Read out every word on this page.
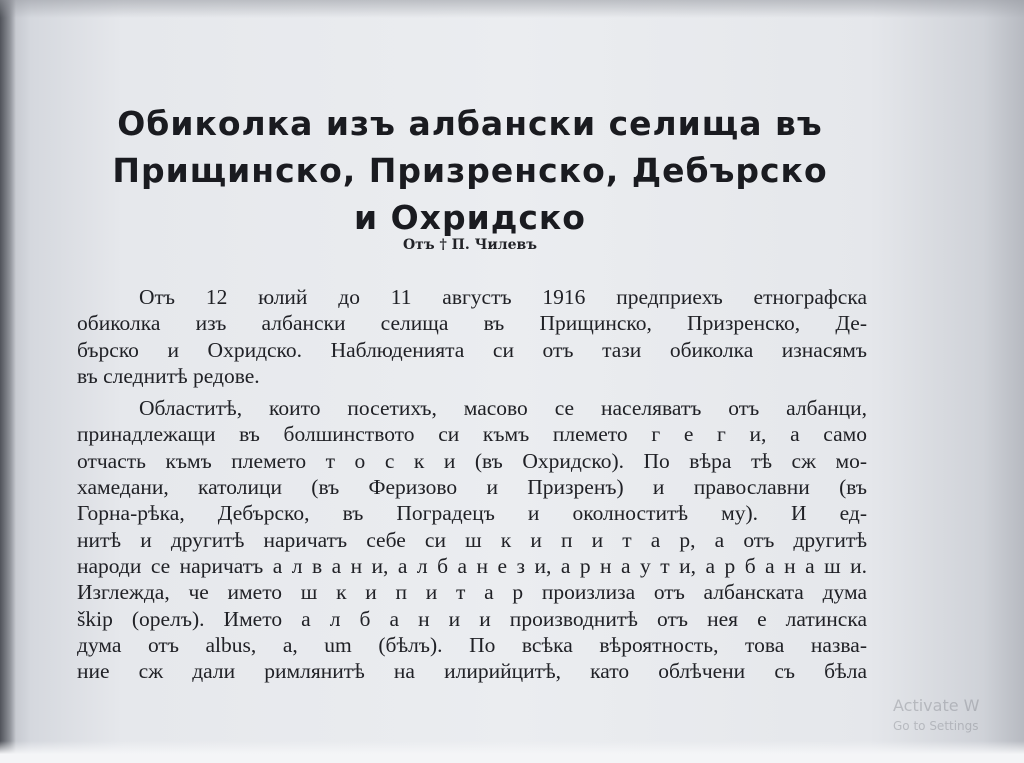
Обиколка изъ албански селища въ
Прищинско, Призренско, Дебърско
и Охридско
Отъ † П. Чилевъ
Отъ 12 юлий до 11 августъ 1916 предприехъ етнографска
обиколка изъ албански селища въ Прищинско, Призренско, Де-
бърско и Охридско. Наблюденията си отъ тази обиколка изнасямъ
въ следнитѣ редове.
Областитѣ, които посетихъ, масово се населяватъ отъ албанци,
принадлежащи въ болшинството си къмъ племето г е г и, а само
отчасть къмъ племето т о с к и (въ Охридско). По вѣра тѣ сж мо-
хамедани, католици (въ Феризово и Призренъ) и православни (въ
Горна-рѣка, Дебърско, въ Поградецъ и околноститѣ му). И ед-
нитѣ и другитѣ наричатъ себе си ш к и п и т а р, а отъ другитѣ
народи се наричатъ а л в а н и, а л б а н е з и, а р н а у т и, а р б а н а ш и.
Изглежда, че името ш к и п и т а р произлиза отъ албанската дума
škip (орелъ). Името а л б а н и и производнитѣ отъ нея е латинска
дума отъ albus, a, um (бѣлъ). По всѣка вѣроятность, това назва-
ние сж дали римлянитѣ на илирийцитѣ, като облѣчени съ бѣла
Activate W
Go to Settings
